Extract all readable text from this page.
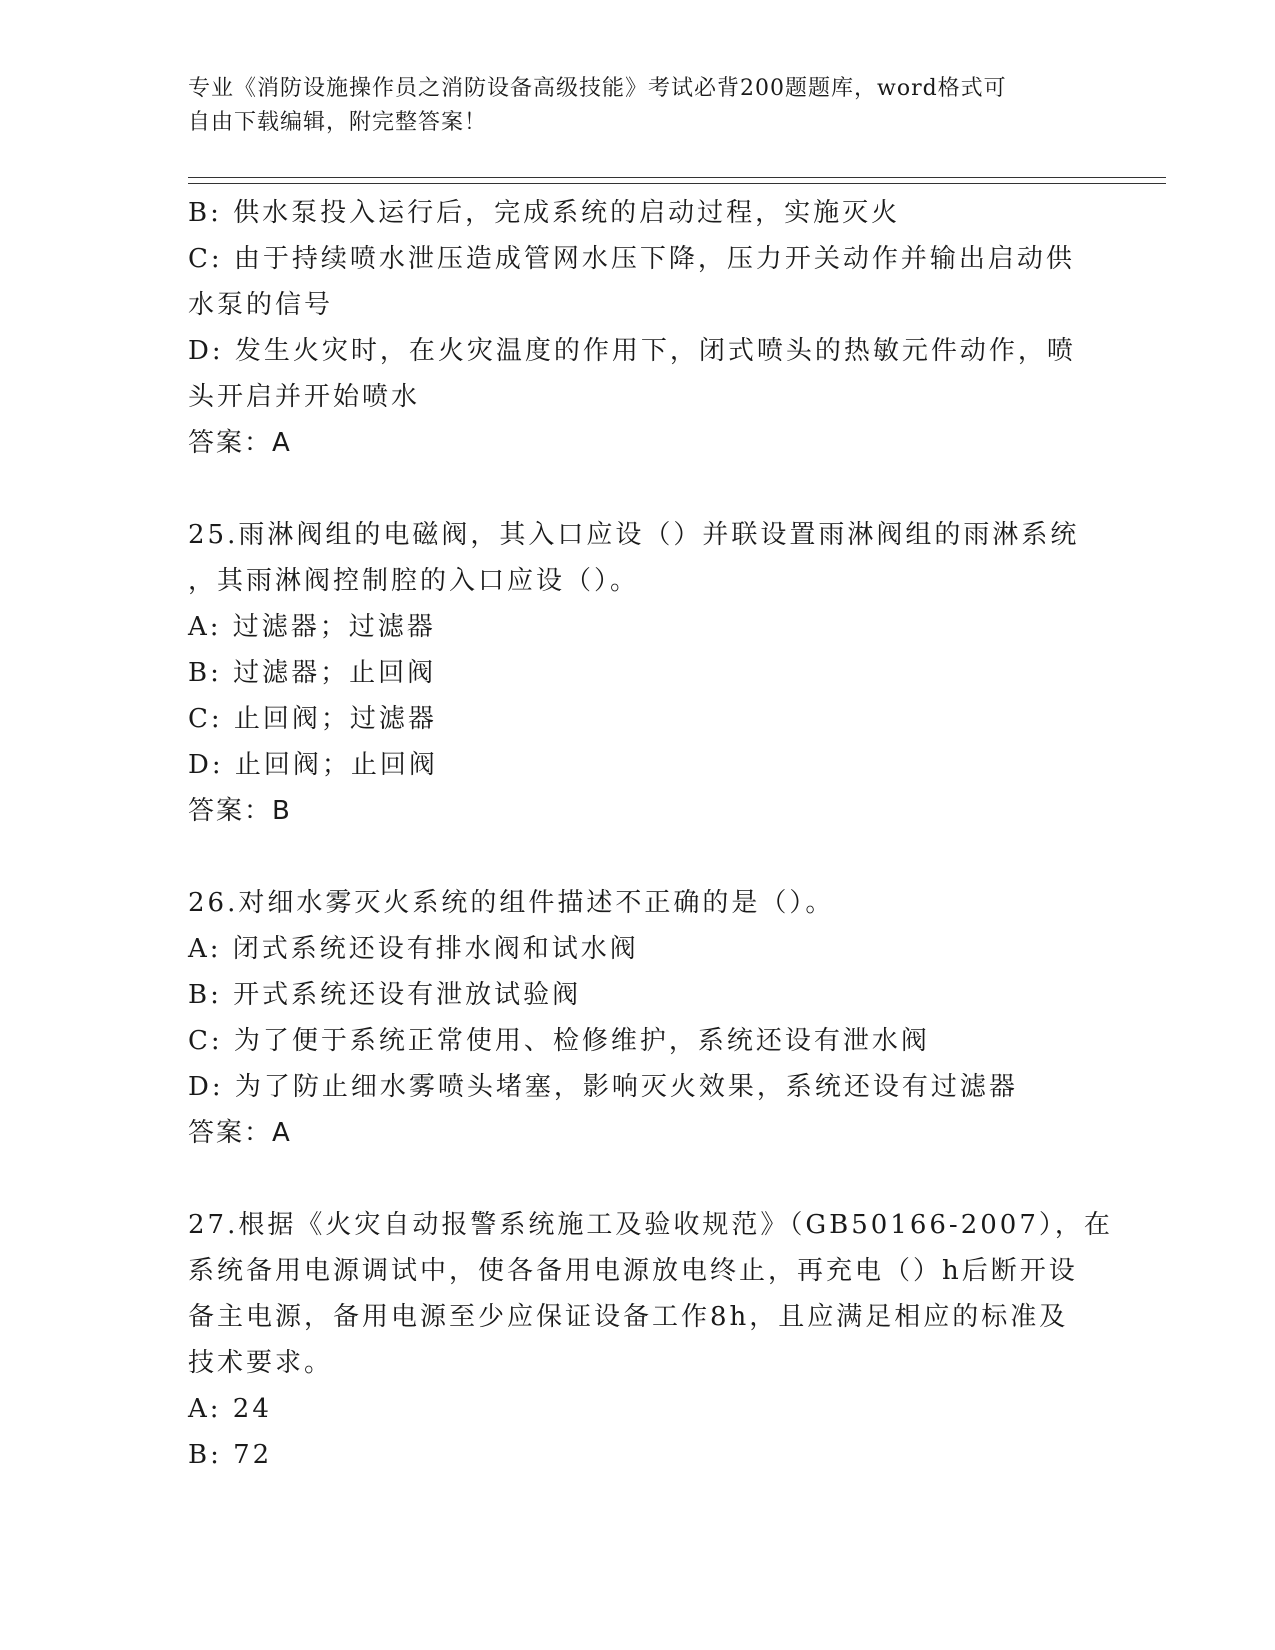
专业《消防设施操作员之消防设备高级技能》考试必背200题题库，word格式可
自由下载编辑，附完整答案！
B: 供水泵投入运行后，完成系统的启动过程，实施灭火
C: 由于持续喷水泄压造成管网水压下降，压力开关动作并输出启动供
水泵的信号
D: 发生火灾时，在火灾温度的作用下，闭式喷头的热敏元件动作，喷
头开启并开始喷水
答案：A
25.雨淋阀组的电磁阀，其入口应设（）并联设置雨淋阀组的雨淋系统
，其雨淋阀控制腔的入口应设（）。
A: 过滤器；过滤器
B: 过滤器；止回阀
C: 止回阀；过滤器
D: 止回阀；止回阀
答案：B
26.对细水雾灭火系统的组件描述不正确的是（）。
A: 闭式系统还设有排水阀和试水阀
B: 开式系统还设有泄放试验阀
C: 为了便于系统正常使用、检修维护，系统还设有泄水阀
D: 为了防止细水雾喷头堵塞，影响灭火效果，系统还设有过滤器
答案：A
27.根据《火灾自动报警系统施工及验收规范》（GB50166-2007），在
系统备用电源调试中，使各备用电源放电终止，再充电（）h后断开设
备主电源，备用电源至少应保证设备工作8h，且应满足相应的标准及
技术要求。
A: 24
B: 72
